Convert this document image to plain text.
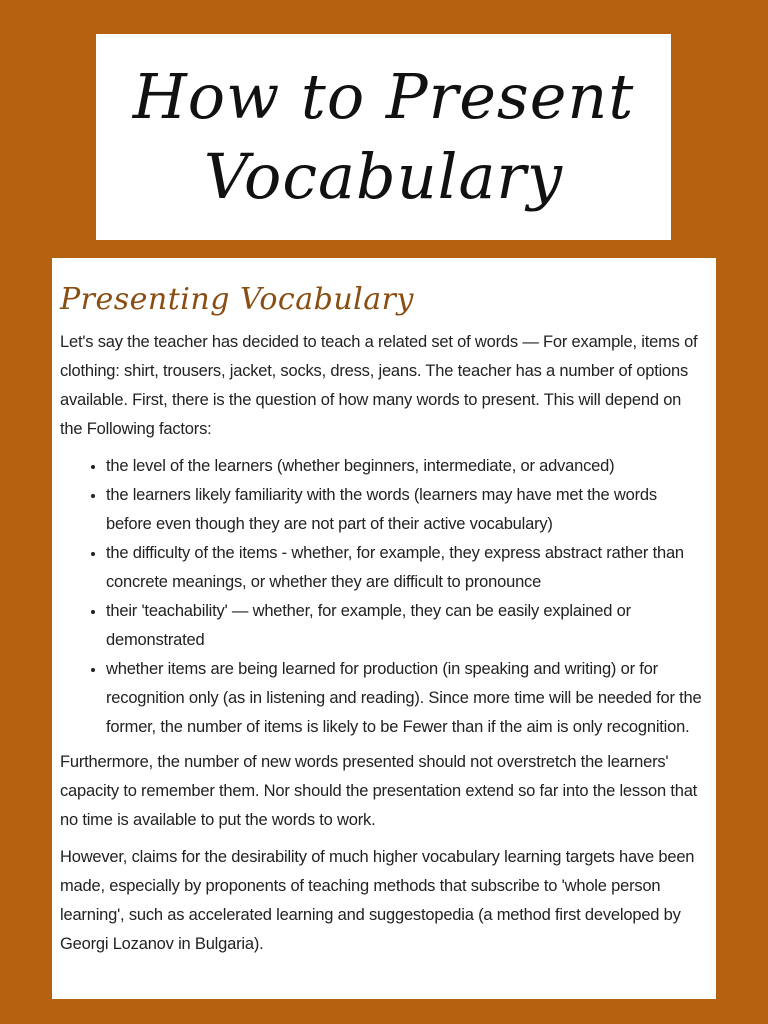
How to Present
Vocabulary
Presenting Vocabulary

Let's say the teacher has decided to teach a related set of words — For example, items of clothing: shirt, trousers, jacket, socks, dress, jeans. The teacher has a number of options available. First, there is the question of how many words to present. This will depend on the Following factors:

• the level of the learners (whether beginners, intermediate, or advanced)
• the learners likely familiarity with the words (learners may have met the words before even though they are not part of their active vocabulary)
• the difficulty of the items - whether, for example, they express abstract rather than concrete meanings, or whether they are difficult to pronounce
• their 'teachability' — whether, for example, they can be easily explained or demonstrated
• whether items are being learned for production (in speaking and writing) or for recognition only (as in listening and reading). Since more time will be needed for the former, the number of items is likely to be Fewer than if the aim is only recognition.

Furthermore, the number of new words presented should not overstretch the learners' capacity to remember them. Nor should the presentation extend so far into the lesson that no time is available to put the words to work.

However, claims for the desirability of much higher vocabulary learning targets have been made, especially by proponents of teaching methods that subscribe to 'whole person learning', such as accelerated learning and suggestopedia (a method first developed by Georgi Lozanov in Bulgaria).
